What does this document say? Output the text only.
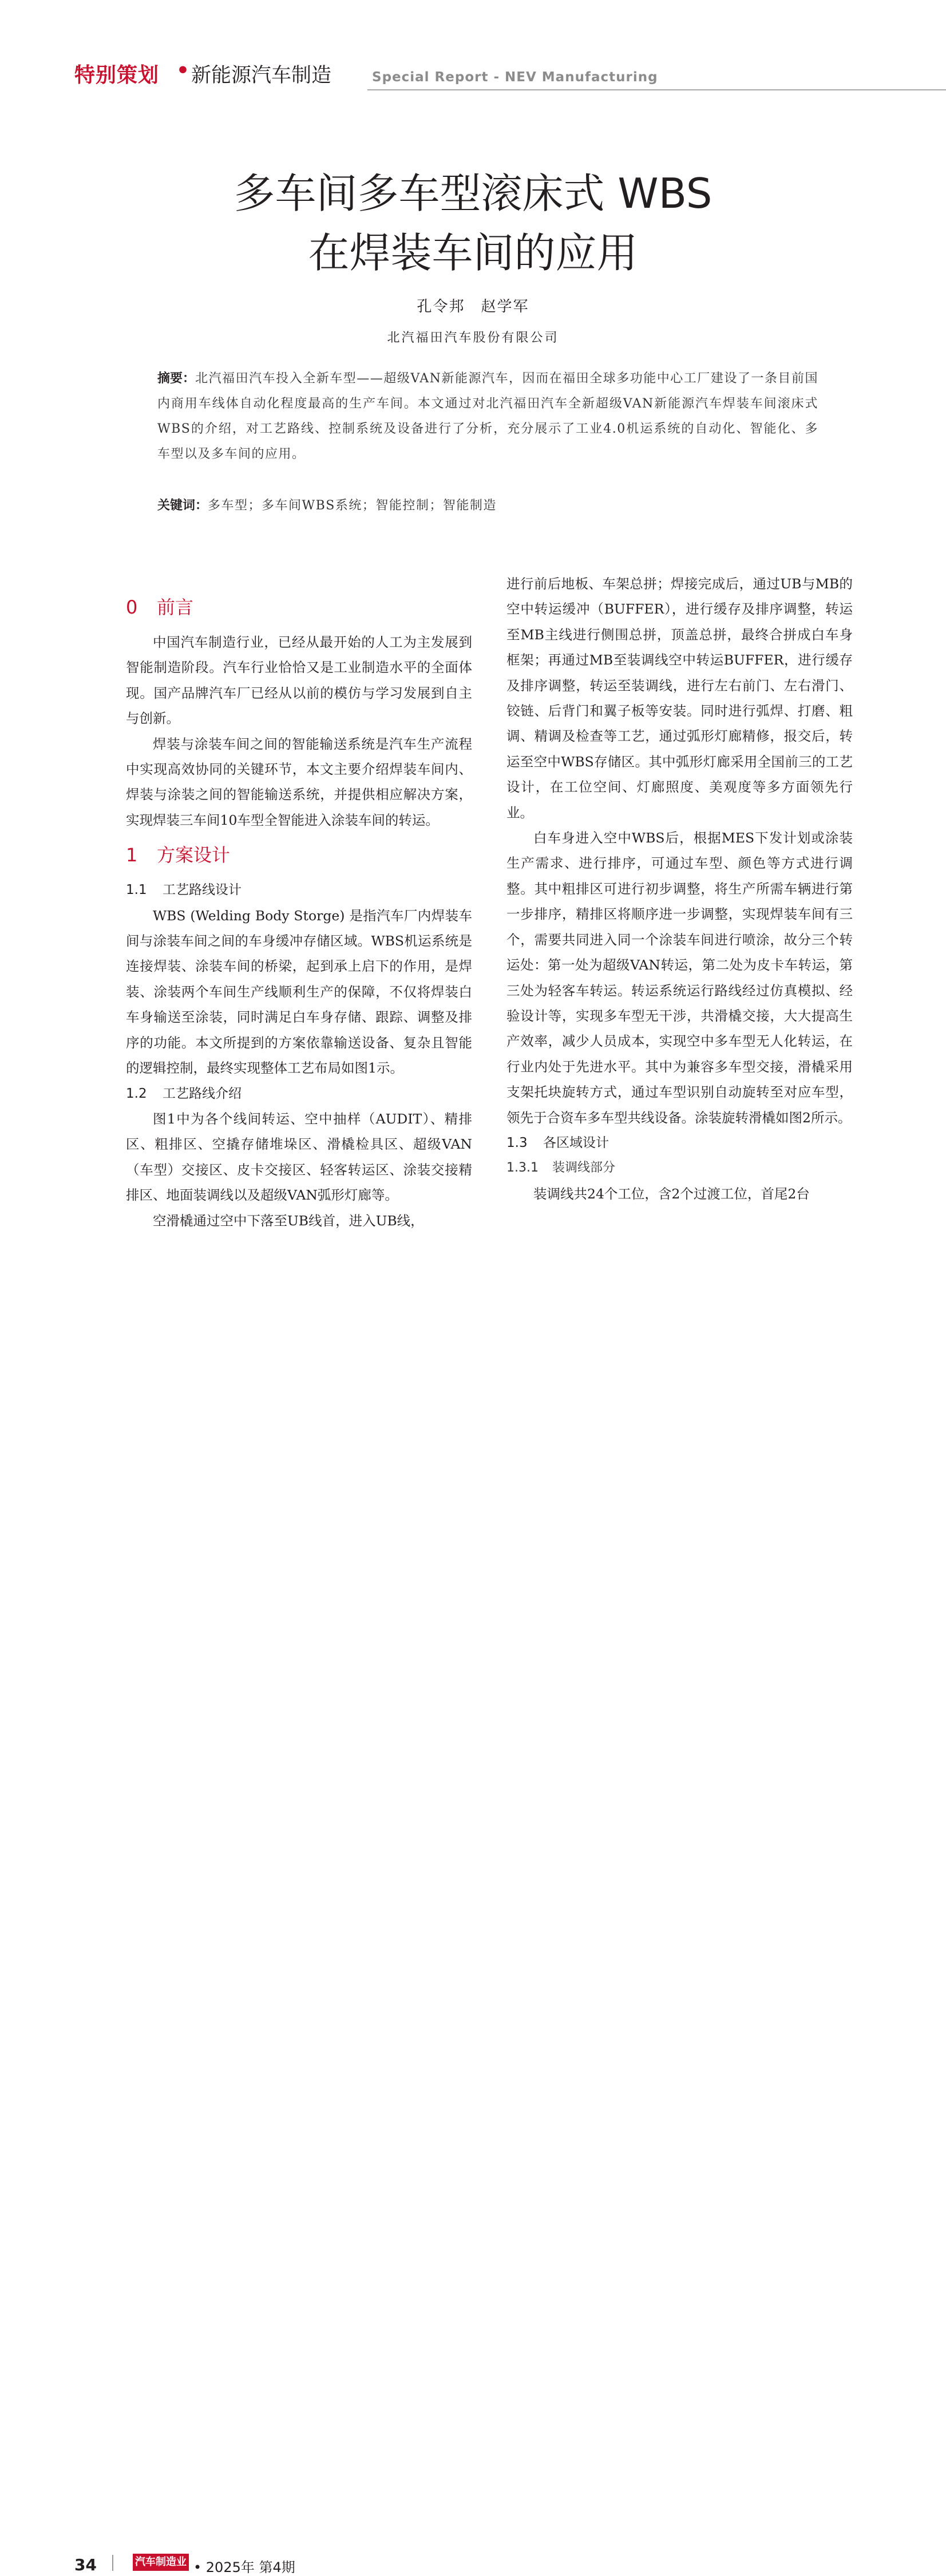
特别策划 • 新能源汽车制造	Special Report - NEV Manufacturing
多车间多车型滚床式 WBS
在焊装车间的应用
孔令邦　赵学军
北汽福田汽车股份有限公司
摘要：北汽福田汽车投入全新车型——超级VAN新能源汽车，因而在福田全球多功能中心工厂建设了一条目前国内商用车线体自动化程度最高的生产车间。本文通过对北汽福田汽车全新超级VAN新能源汽车焊装车间滚床式WBS的介绍，对工艺路线、控制系统及设备进行了分析，充分展示了工业4.0机运系统的自动化、智能化、多车型以及多车间的应用。
关键词：多车型；多车间WBS系统；智能控制；智能制造
0 前言

中国汽车制造行业，已经从最开始的人工为主发展到智能制造阶段。汽车行业恰恰又是工业制造水平的全面体现。国产品牌汽车厂已经从以前的模仿与学习发展到自主与创新。

焊装与涂装车间之间的智能输送系统是汽车生产流程中实现高效协同的关键环节，本文主要介绍焊装车间内、焊装与涂装之间的智能输送系统，并提供相应解决方案，实现焊装三车间10车型全智能进入涂装车间的转运。

1 方案设计
1.1 工艺路线设计

WBS (Welding Body Storge) 是指汽车厂内焊装车间与涂装车间之间的车身缓冲存储区域。WBS机运系统是连接焊装、涂装车间的桥梁，起到承上启下的作用，是焊装、涂装两个车间生产线顺利生产的保障，不仅将焊装白车身输送至涂装，同时满足白车身存储、跟踪、调整及排序的功能。本文所提到的方案依靠输送设备、复杂且智能的逻辑控制，最终实现整体工艺布局如图1示。

1.2 工艺路线介绍

图1中为各个线间转运、空中抽样（AUDIT）、精排区、粗排区、空撬存储堆垛区、滑橇检具区、超级VAN（车型）交接区、皮卡交接区、轻客转运区、涂装交接精排区、地面装调线以及超级VAN弧形灯廊等。

空滑橇通过空中下落至UB线首，进入UB线，

进行前后地板、车架总拼；焊接完成后，通过UB与MB的空中转运缓冲（BUFFER），进行缓存及排序调整，转运至MB主线进行侧围总拼，顶盖总拼，最终合拼成白车身框架；再通过MB至装调线空中转运BUFFER，进行缓存及排序调整，转运至装调线，进行左右前门、左右滑门、铰链、后背门和翼子板等安装。同时进行弧焊、打磨、粗调、精调及检查等工艺，通过弧形灯廊精修，报交后，转运至空中WBS存储区。其中弧形灯廊采用全国前三的工艺设计，在工位空间、灯廊照度、美观度等多方面领先行业。

白车身进入空中WBS后，根据MES下发计划或涂装生产需求、进行排序，可通过车型、颜色等方式进行调整。其中粗排区可进行初步调整，将生产所需车辆进行第一步排序，精排区将顺序进一步调整，实现焊装车间有三个，需要共同进入同一个涂装车间进行喷涂，故分三个转运处：第一处为超级VAN转运，第二处为皮卡车转运，第三处为轻客车转运。转运系统运行路线经过仿真模拟、经验设计等，实现多车型无干涉，共滑橇交接，大大提高生产效率，减少人员成本，实现空中多车型无人化转运，在行业内处于先进水平。其中为兼容多车型交接，滑橇采用支架托块旋转方式，通过车型识别自动旋转至对应车型，领先于合资车多车型共线设备。涂装旋转滑橇如图2所示。

1.3 各区域设计
1.3.1 装调线部分

装调线共24个工位，含2个过渡工位，首尾2台

34	汽车制造业 • 2025年 第4期
